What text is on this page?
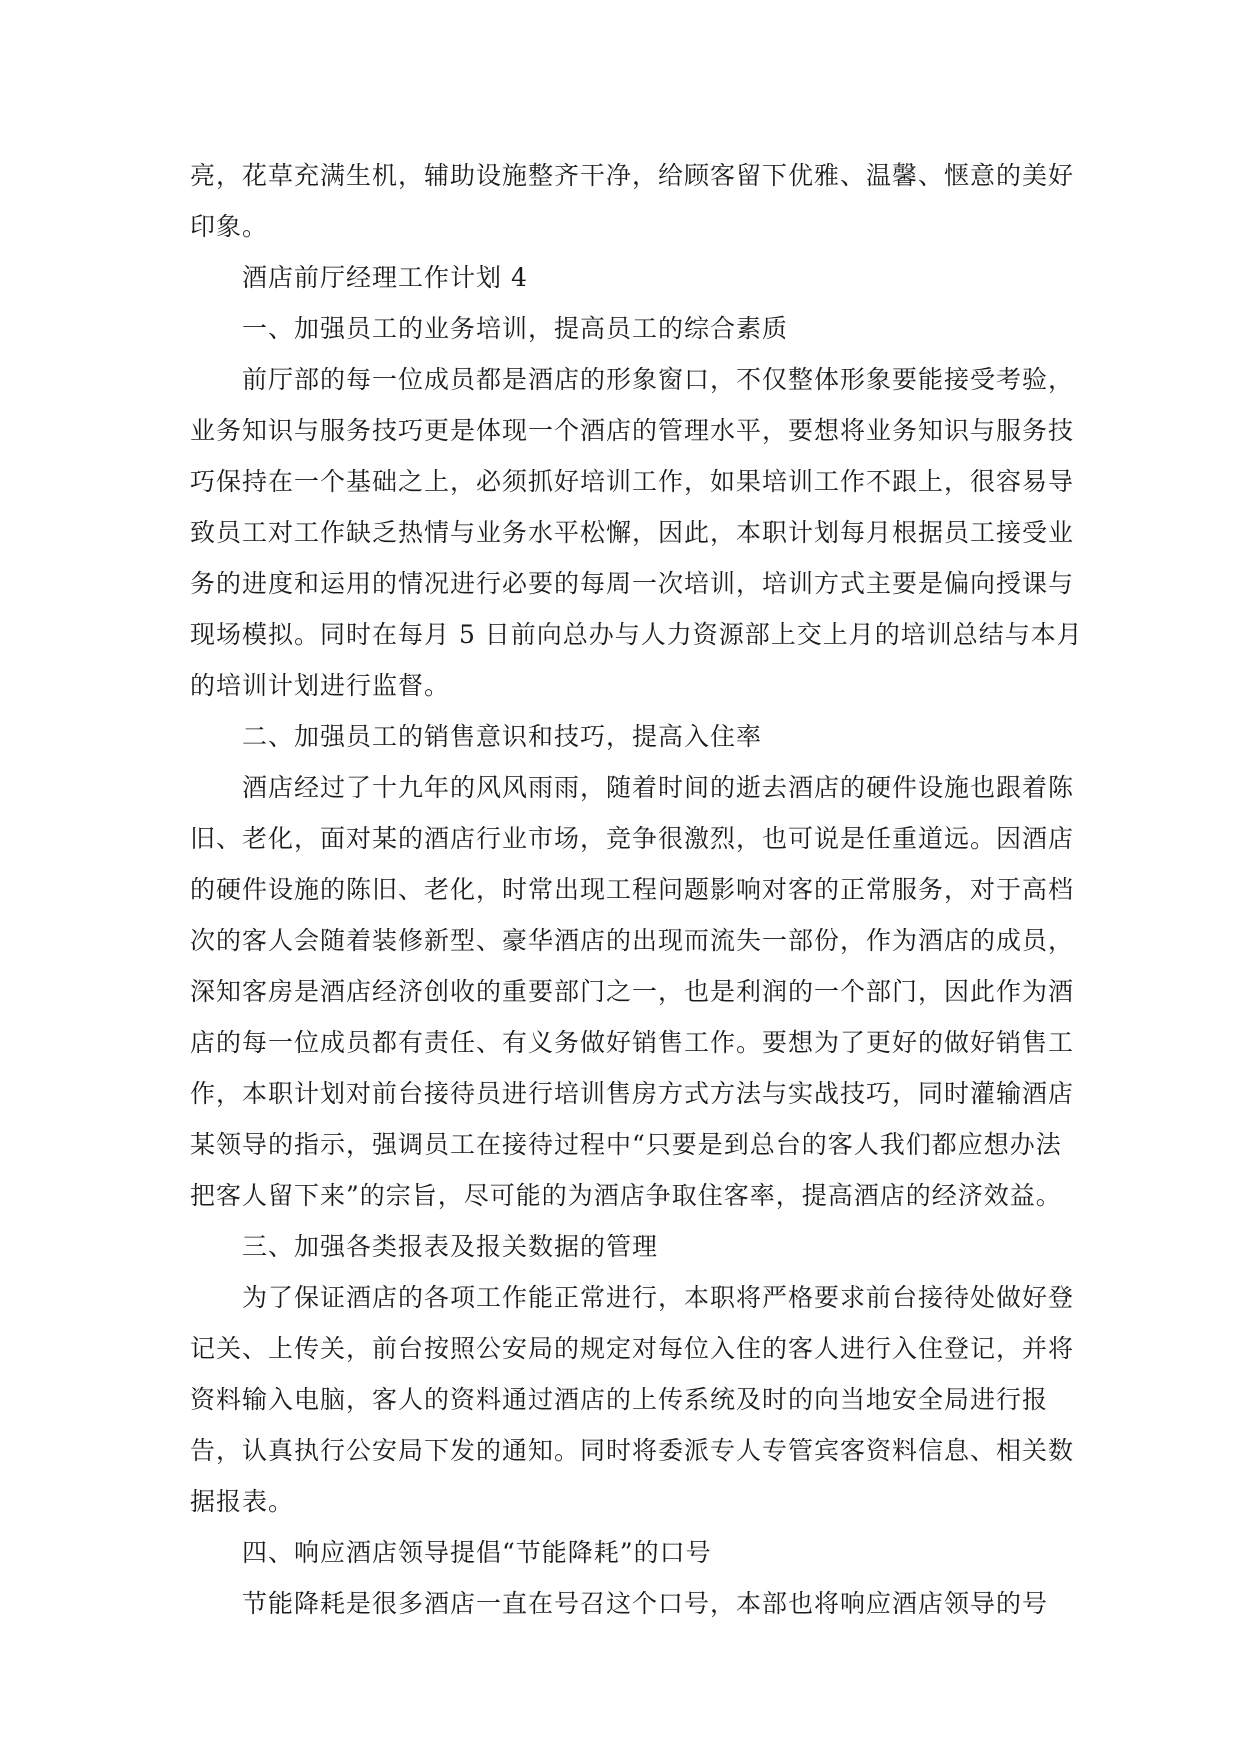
亮，花草充满生机，辅助设施整齐干净，给顾客留下优雅、温馨、惬意的美好
印象。
酒店前厅经理工作计划 4
一、加强员工的业务培训，提高员工的综合素质
前厅部的每一位成员都是酒店的形象窗口，不仅整体形象要能接受考验，
业务知识与服务技巧更是体现一个酒店的管理水平，要想将业务知识与服务技
巧保持在一个基础之上，必须抓好培训工作，如果培训工作不跟上，很容易导
致员工对工作缺乏热情与业务水平松懈，因此，本职计划每月根据员工接受业
务的进度和运用的情况进行必要的每周一次培训，培训方式主要是偏向授课与
现场模拟。同时在每月 5 日前向总办与人力资源部上交上月的培训总结与本月
的培训计划进行监督。
二、加强员工的销售意识和技巧，提高入住率
酒店经过了十九年的风风雨雨，随着时间的逝去酒店的硬件设施也跟着陈
旧、老化，面对某的酒店行业市场，竞争很激烈，也可说是任重道远。因酒店
的硬件设施的陈旧、老化，时常出现工程问题影响对客的正常服务，对于高档
次的客人会随着装修新型、豪华酒店的出现而流失一部份，作为酒店的成员，
深知客房是酒店经济创收的重要部门之一，也是利润的一个部门，因此作为酒
店的每一位成员都有责任、有义务做好销售工作。要想为了更好的做好销售工
作，本职计划对前台接待员进行培训售房方式方法与实战技巧，同时灌输酒店
某领导的指示，强调员工在接待过程中“只要是到总台的客人我们都应想办法
把客人留下来”的宗旨，尽可能的为酒店争取住客率，提高酒店的经济效益。
三、加强各类报表及报关数据的管理
为了保证酒店的各项工作能正常进行，本职将严格要求前台接待处做好登
记关、上传关，前台按照公安局的规定对每位入住的客人进行入住登记，并将
资料输入电脑，客人的资料通过酒店的上传系统及时的向当地安全局进行报
告，认真执行公安局下发的通知。同时将委派专人专管宾客资料信息、相关数
据报表。
四、响应酒店领导提倡“节能降耗”的口号
节能降耗是很多酒店一直在号召这个口号，本部也将响应酒店领导的号
